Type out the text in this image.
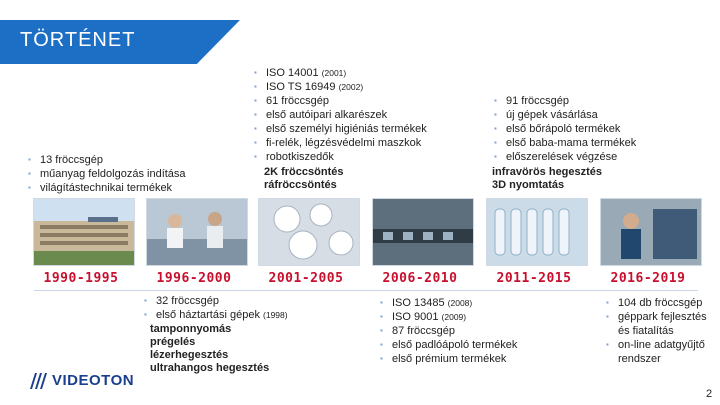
TÖRTÉNET
▪ 13 fröccsgép
▪ műanyag feldolgozás indítása
▪ világítástechnikai termékek
▪ ISO 14001 (2001)
▪ ISO TS 16949 (2002)
▪ 61 fröccsgép
▪ első autóipari alkarészek
▪ első személyi higiéniás termékek
▪ fi-relék, légzésvédelmi maszkok
▪ robotkiszedők
2K fröccsöntés
ráfröccsöntés
▪ 91 fröccsgép
▪ új gépek vásárlása
▪ első bőrápoló termékek
▪ első baba-mama termékek
▪ előszerelések végzése
infravörös hegesztés
3D nyomtatás
1990-1995	1996-2000	2001-2005	2006-2010	2011-2015	2016-2019
▪ 32 fröccsgép
▪ első háztartási gépek (1998)
tamponnyomás
prégelés
lézerhegesztés
ultrahangos hegesztés
▪ ISO 13485 (2008)
▪ ISO 9001 (2009)
▪ 87 fröccsgép
▪ első padlóápoló termékek
▪ első prémium termékek
▪ 104 db fröccsgép
▪ géppark fejlesztés és fiatalítás
▪ on-line adatgyűjtő rendszer
VIDEOTON
2
